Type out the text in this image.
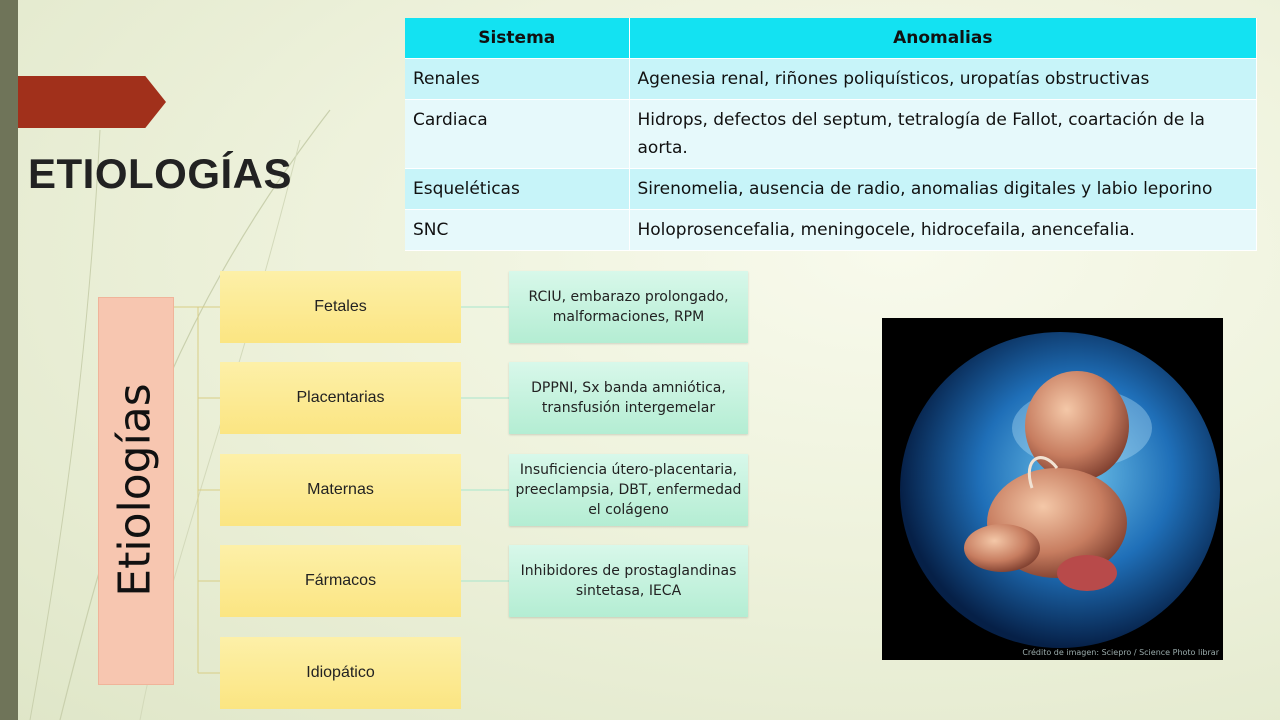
ETIOLOGÍAS
Sistema	Anomalias
Renales	Agenesia renal, riñones poliquísticos, uropatías obstructivas
Cardiaca	Hidrops, defectos del septum, tetralogía de Fallot, coartación de la aorta.
Esqueléticas	Sirenomelia, ausencia de radio, anomalias digitales y labio leporino
SNC	Holoprosencefalia, meningocele, hidrocefaila, anencefalia.
Etiologías
Fetales
Placentarias
Maternas
Fármacos
Idiopático
RCIU, embarazo prolongado, malformaciones, RPM
DPPNI, Sx banda amniótica, transfusión intergemelar
Insuficiencia útero-placentaria, preeclampsia, DBT, enfermedad el colágeno
Inhibidores de prostaglandinas sintetasa, IECA
Crédito de imagen: Sciepro / Science Photo librar
